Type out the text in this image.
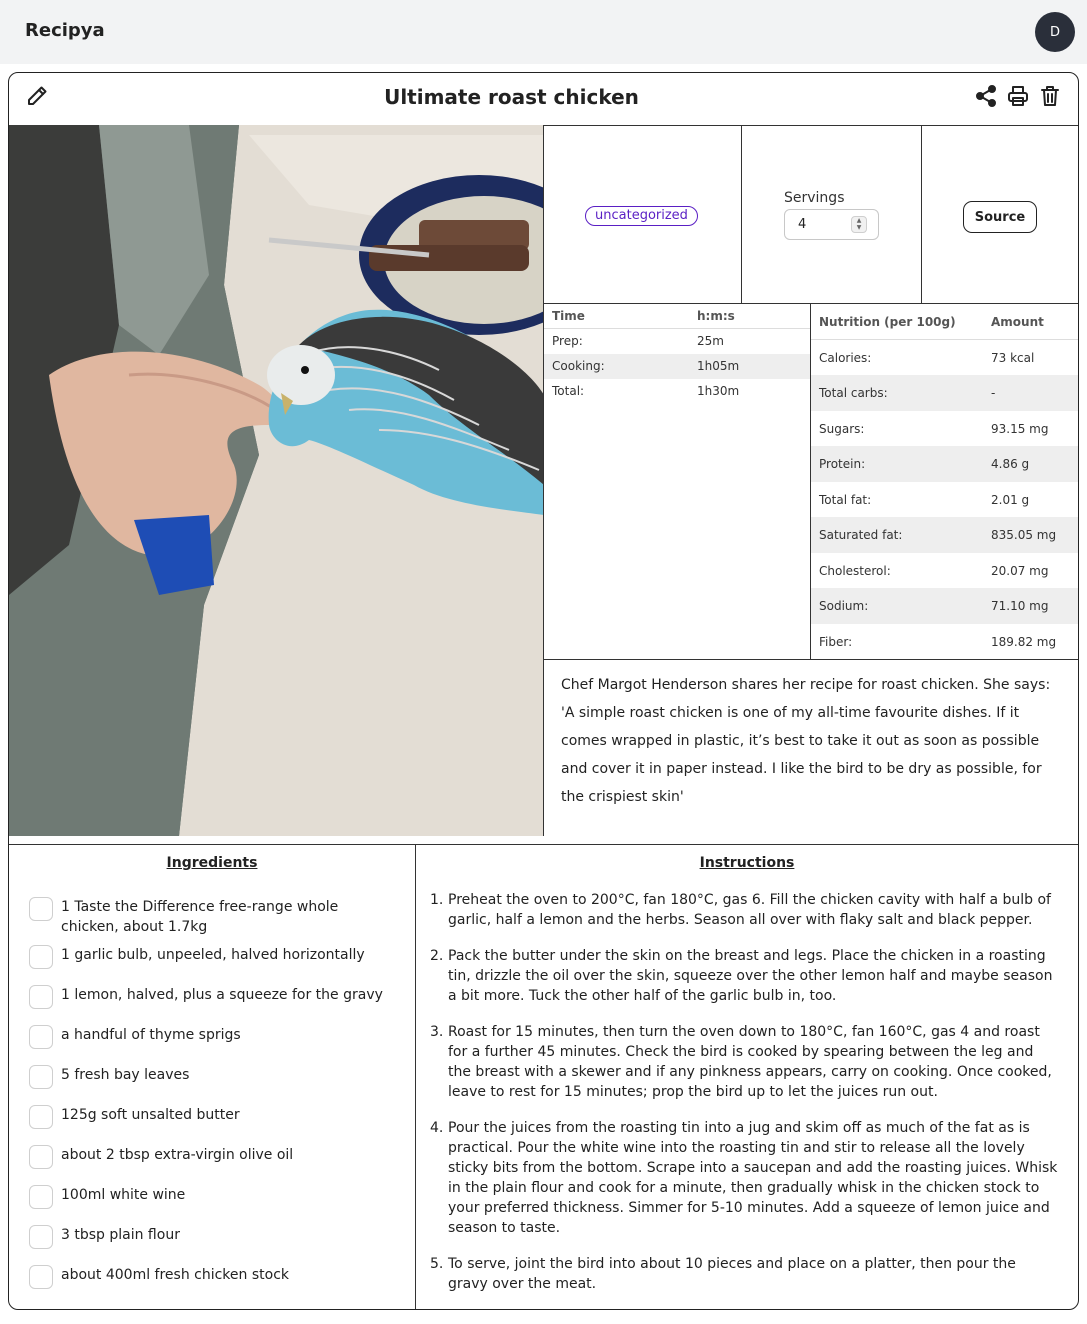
Recipya	D
Ultimate roast chicken
uncategorized
Servings
4	▲
▼
Source
Time	h:m:s
Prep:	25m
Cooking:	1h05m
Total:	1h30m
Nutrition (per 100g)	Amount
Calories:	73 kcal
Total carbs:	-
Sugars:	93.15 mg
Protein:	4.86 g
Total fat:	2.01 g
Saturated fat:	835.05 mg
Cholesterol:	20.07 mg
Sodium:	71.10 mg
Fiber:	189.82 mg
Chef Margot Henderson shares her recipe for roast chicken. She says: 'A simple roast chicken is one of my all-time favourite dishes. If it comes wrapped in plastic, it’s best to take it out as soon as possible and cover it in paper instead. I like the bird to be dry as possible, for the crispiest skin'
Ingredients
1 Taste the Difference free-range whole chicken, about 1.7kg
1 garlic bulb, unpeeled, halved horizontally
1 lemon, halved, plus a squeeze for the gravy
a handful of thyme sprigs
5 fresh bay leaves
125g soft unsalted butter
about 2 tbsp extra-virgin olive oil
100ml white wine
3 tbsp plain flour
about 400ml fresh chicken stock
Instructions
1. Preheat the oven to 200°C, fan 180°C, gas 6. Fill the chicken cavity with half a bulb of garlic, half a lemon and the herbs. Season all over with flaky salt and black pepper.
2. Pack the butter under the skin on the breast and legs. Place the chicken in a roasting tin, drizzle the oil over the skin, squeeze over the other lemon half and maybe season a bit more. Tuck the other half of the garlic bulb in, too.
3. Roast for 15 minutes, then turn the oven down to 180°C, fan 160°C, gas 4 and roast for a further 45 minutes. Check the bird is cooked by spearing between the leg and the breast with a skewer and if any pinkness appears, carry on cooking. Once cooked, leave to rest for 15 minutes; prop the bird up to let the juices run out.
4. Pour the juices from the roasting tin into a jug and skim off as much of the fat as is practical. Pour the white wine into the roasting tin and stir to release all the lovely sticky bits from the bottom. Scrape into a saucepan and add the roasting juices. Whisk in the plain flour and cook for a minute, then gradually whisk in the chicken stock to your preferred thickness. Simmer for 5-10 minutes. Add a squeeze of lemon juice and season to taste.
5. To serve, joint the bird into about 10 pieces and place on a platter, then pour the gravy over the meat.
